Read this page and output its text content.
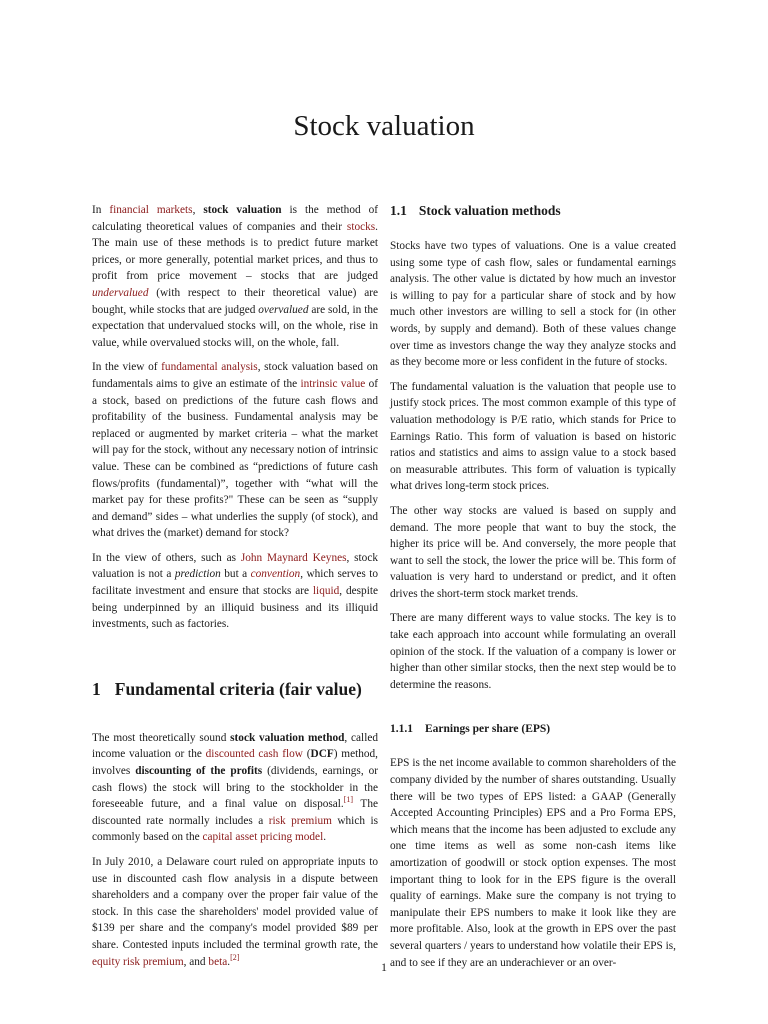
Stock valuation

In financial markets, stock valuation is the method of calculating theoretical values of companies and their stocks. The main use of these methods is to predict future market prices, or more generally, potential market prices, and thus to profit from price movement – stocks that are judged undervalued (with respect to their theoretical value) are bought, while stocks that are judged overvalued are sold, in the expectation that undervalued stocks will, on the whole, rise in value, while overvalued stocks will, on the whole, fall.

In the view of fundamental analysis, stock valuation based on fundamentals aims to give an estimate of the intrinsic value of a stock, based on predictions of the future cash flows and profitability of the business. Fundamental analysis may be replaced or augmented by market criteria – what the market will pay for the stock, without any necessary notion of intrinsic value. These can be combined as “predictions of future cash flows/profits (fundamental)”, together with “what will the market pay for these profits?" These can be seen as “supply and demand” sides – what underlies the supply (of stock), and what drives the (market) demand for stock?

In the view of others, such as John Maynard Keynes, stock valuation is not a prediction but a convention, which serves to facilitate investment and ensure that stocks are liquid, despite being underpinned by an illiquid business and its illiquid investments, such as factories.

1 Fundamental criteria (fair value)

The most theoretically sound stock valuation method, called income valuation or the discounted cash flow (DCF) method, involves discounting of the profits (dividends, earnings, or cash flows) the stock will bring to the stockholder in the foreseeable future, and a final value on disposal.[1] The discounted rate normally includes a risk premium which is commonly based on the capital asset pricing model.

In July 2010, a Delaware court ruled on appropriate inputs to use in discounted cash flow analysis in a dispute between shareholders and a company over the proper fair value of the stock. In this case the shareholders' model provided value of $139 per share and the company's model provided $89 per share. Contested inputs included the terminal growth rate, the equity risk premium, and beta.[2]

1.1 Stock valuation methods

Stocks have two types of valuations. One is a value created using some type of cash flow, sales or fundamental earnings analysis. The other value is dictated by how much an investor is willing to pay for a particular share of stock and by how much other investors are willing to sell a stock for (in other words, by supply and demand). Both of these values change over time as investors change the way they analyze stocks and as they become more or less confident in the future of stocks.

The fundamental valuation is the valuation that people use to justify stock prices. The most common example of this type of valuation methodology is P/E ratio, which stands for Price to Earnings Ratio. This form of valuation is based on historic ratios and statistics and aims to assign value to a stock based on measurable attributes. This form of valuation is typically what drives long-term stock prices.

The other way stocks are valued is based on supply and demand. The more people that want to buy the stock, the higher its price will be. And conversely, the more people that want to sell the stock, the lower the price will be. This form of valuation is very hard to understand or predict, and it often drives the short-term stock market trends.

There are many different ways to value stocks. The key is to take each approach into account while formulating an overall opinion of the stock. If the valuation of a company is lower or higher than other similar stocks, then the next step would be to determine the reasons.

1.1.1 Earnings per share (EPS)

EPS is the net income available to common shareholders of the company divided by the number of shares outstanding. Usually there will be two types of EPS listed: a GAAP (Generally Accepted Accounting Principles) EPS and a Pro Forma EPS, which means that the income has been adjusted to exclude any one time items as well as some non-cash items like amortization of goodwill or stock option expenses. The most important thing to look for in the EPS figure is the overall quality of earnings. Make sure the company is not trying to manipulate their EPS numbers to make it look like they are more profitable. Also, look at the growth in EPS over the past several quarters / years to understand how volatile their EPS is, and to see if they are an underachiever or an over-

1
